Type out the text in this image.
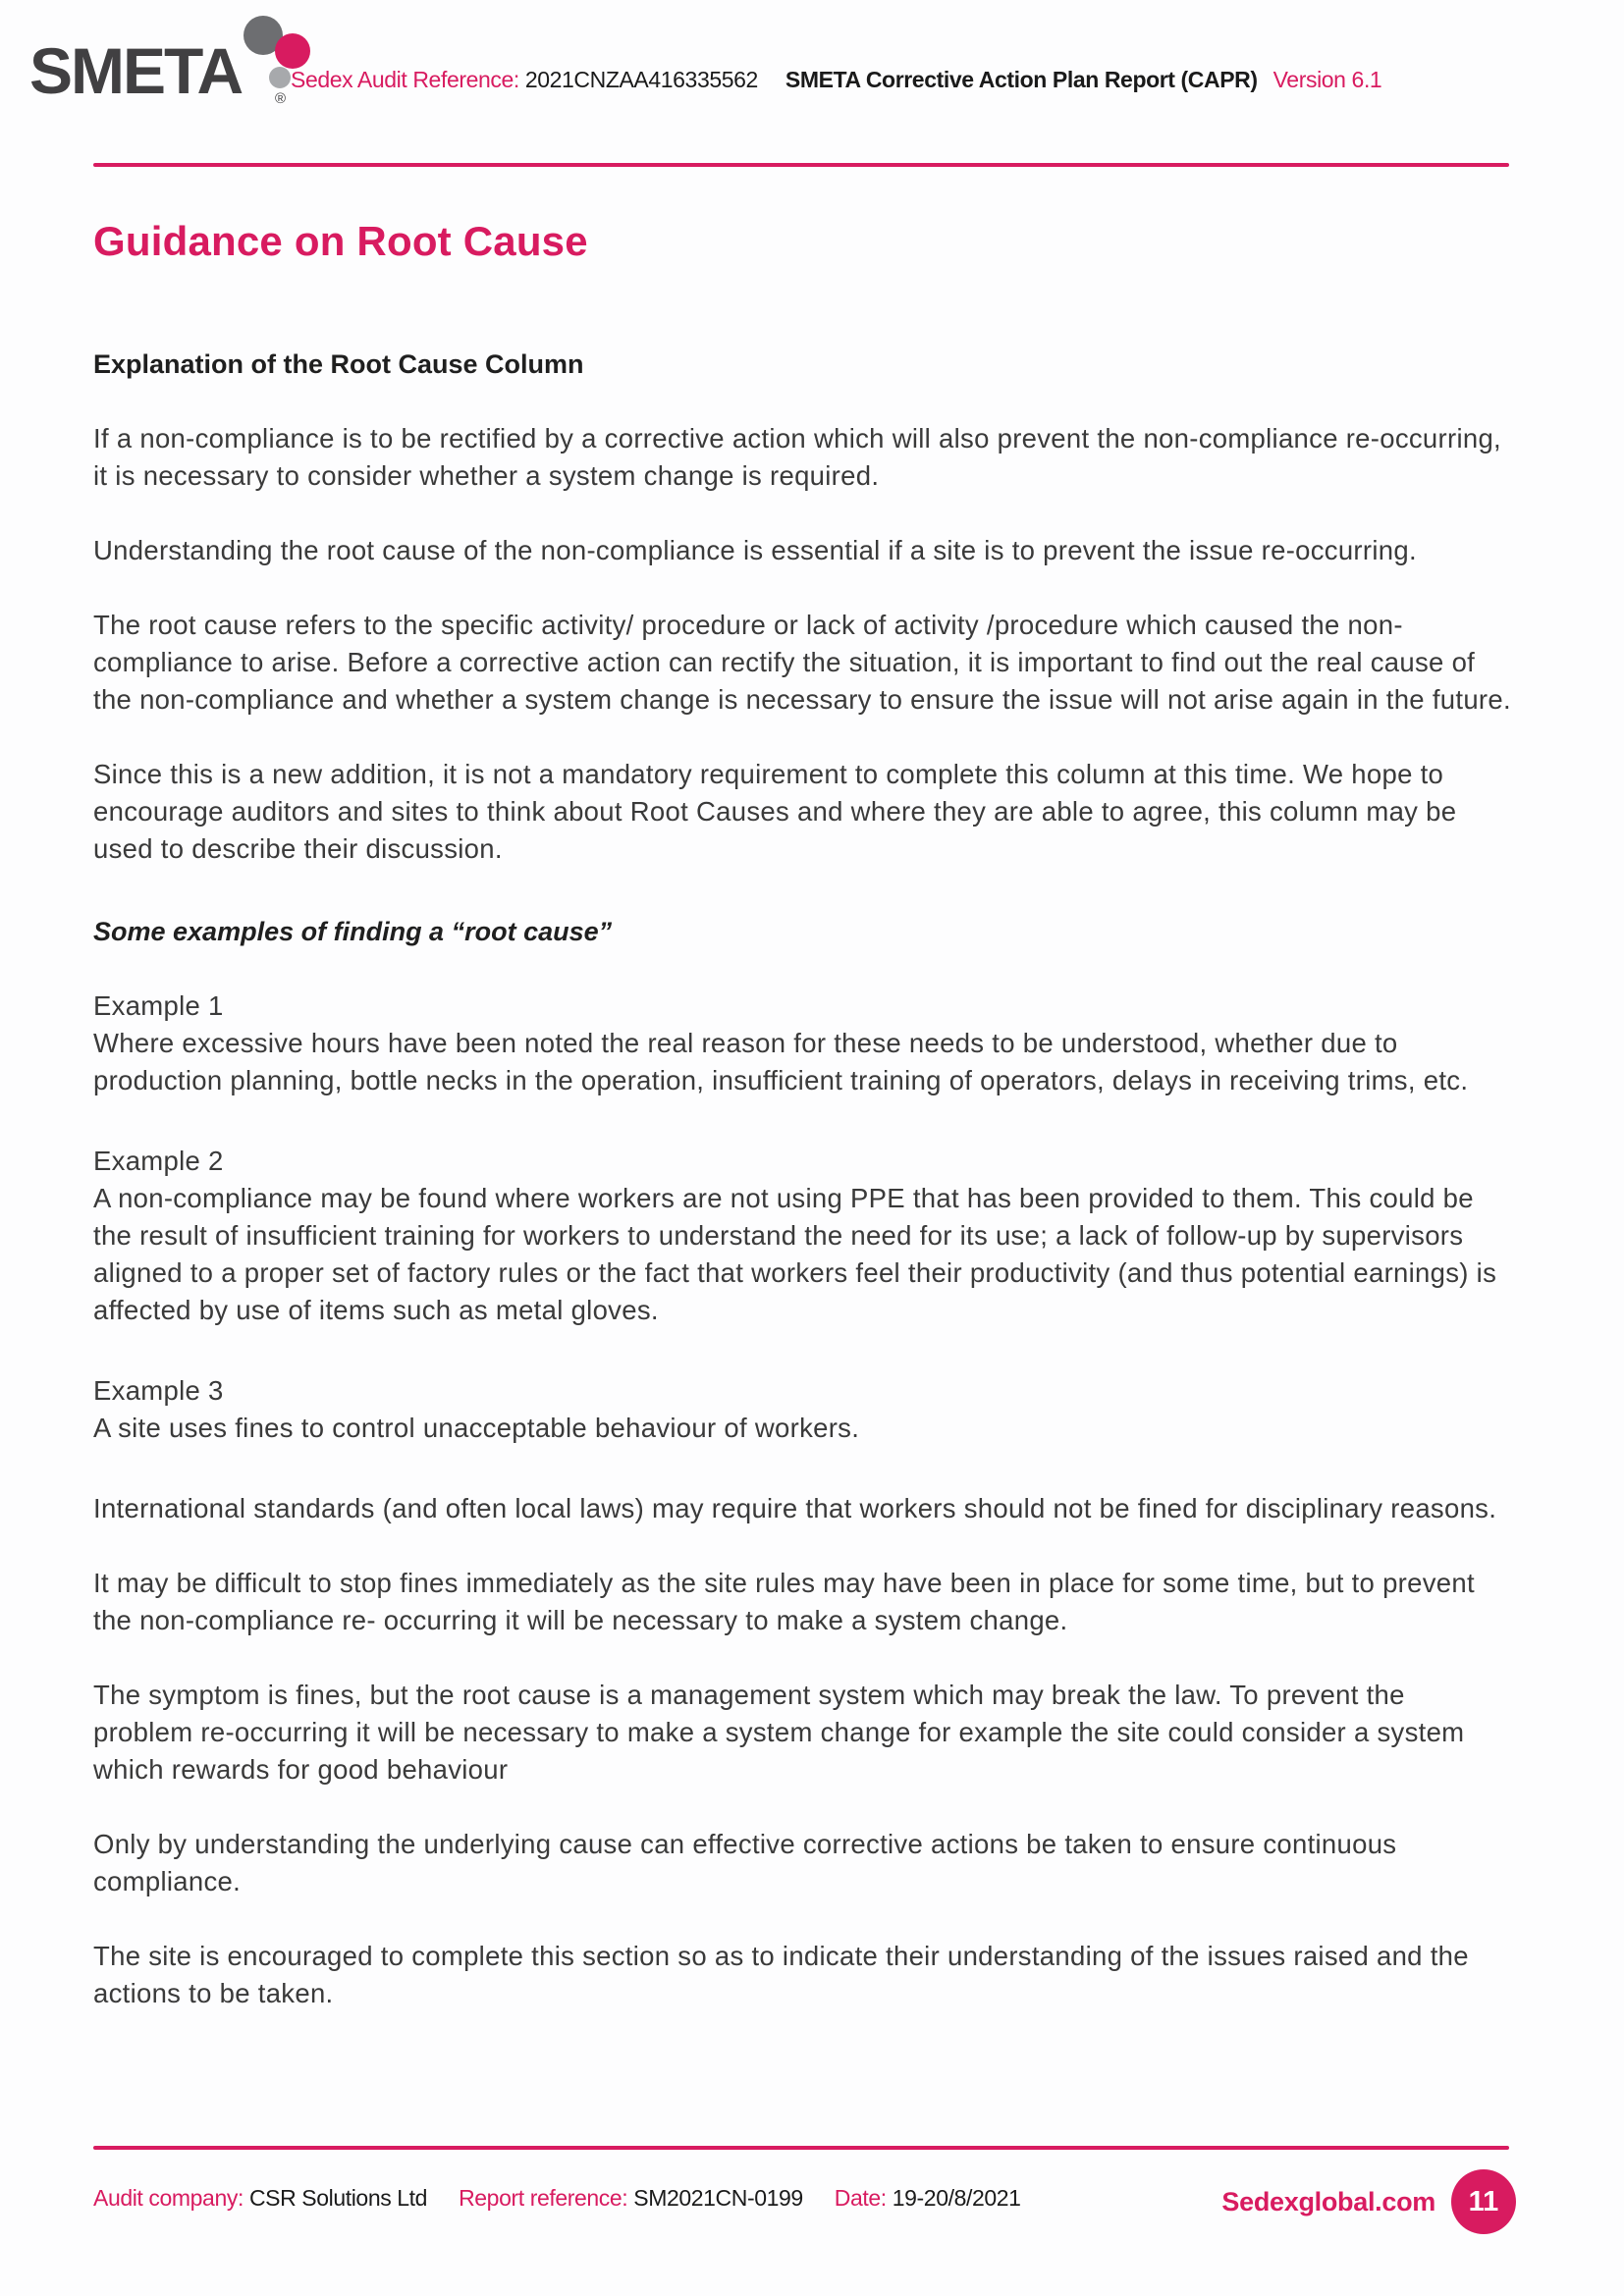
SMETA ®
Sedex Audit Reference: 2021CNZAA416335562 SMETA Corrective Action Plan Report (CAPR) Version 6.1
Guidance on Root Cause
Explanation of the Root Cause Column

If a non-compliance is to be rectified by a corrective action which will also prevent the non-compliance re-occurring, it is necessary to consider whether a system change is required.

Understanding the root cause of the non-compliance is essential if a site is to prevent the issue re-occurring.

The root cause refers to the specific activity/ procedure or lack of activity /procedure which caused the non-compliance to arise. Before a corrective action can rectify the situation, it is important to find out the real cause of the non-compliance and whether a system change is necessary to ensure the issue will not arise again in the future.

Since this is a new addition, it is not a mandatory requirement to complete this column at this time. We hope to encourage auditors and sites to think about Root Causes and where they are able to agree, this column may be used to describe their discussion.

Some examples of finding a “root cause”
Example 1
Where excessive hours have been noted the real reason for these needs to be understood, whether due to production planning, bottle necks in the operation, insufficient training of operators, delays in receiving trims, etc.
Example 2
A non-compliance may be found where workers are not using PPE that has been provided to them. This could be the result of insufficient training for workers to understand the need for its use; a lack of follow-up by supervisors aligned to a proper set of factory rules or the fact that workers feel their productivity (and thus potential earnings) is affected by use of items such as metal gloves.
Example 3
A site uses fines to control unacceptable behaviour of workers.

International standards (and often local laws) may require that workers should not be fined for disciplinary reasons.

It may be difficult to stop fines immediately as the site rules may have been in place for some time, but to prevent the non-compliance re- occurring it will be necessary to make a system change.

The symptom is fines, but the root cause is a management system which may break the law. To prevent the problem re-occurring it will be necessary to make a system change for example the site could consider a system which rewards for good behaviour

Only by understanding the underlying cause can effective corrective actions be taken to ensure continuous compliance.

The site is encouraged to complete this section so as to indicate their understanding of the issues raised and the actions to be taken.

Audit company: CSR Solutions Ltd Report reference: SM2021CN-0199 Date: 19-20/8/2021	Sedexglobal.com	11
